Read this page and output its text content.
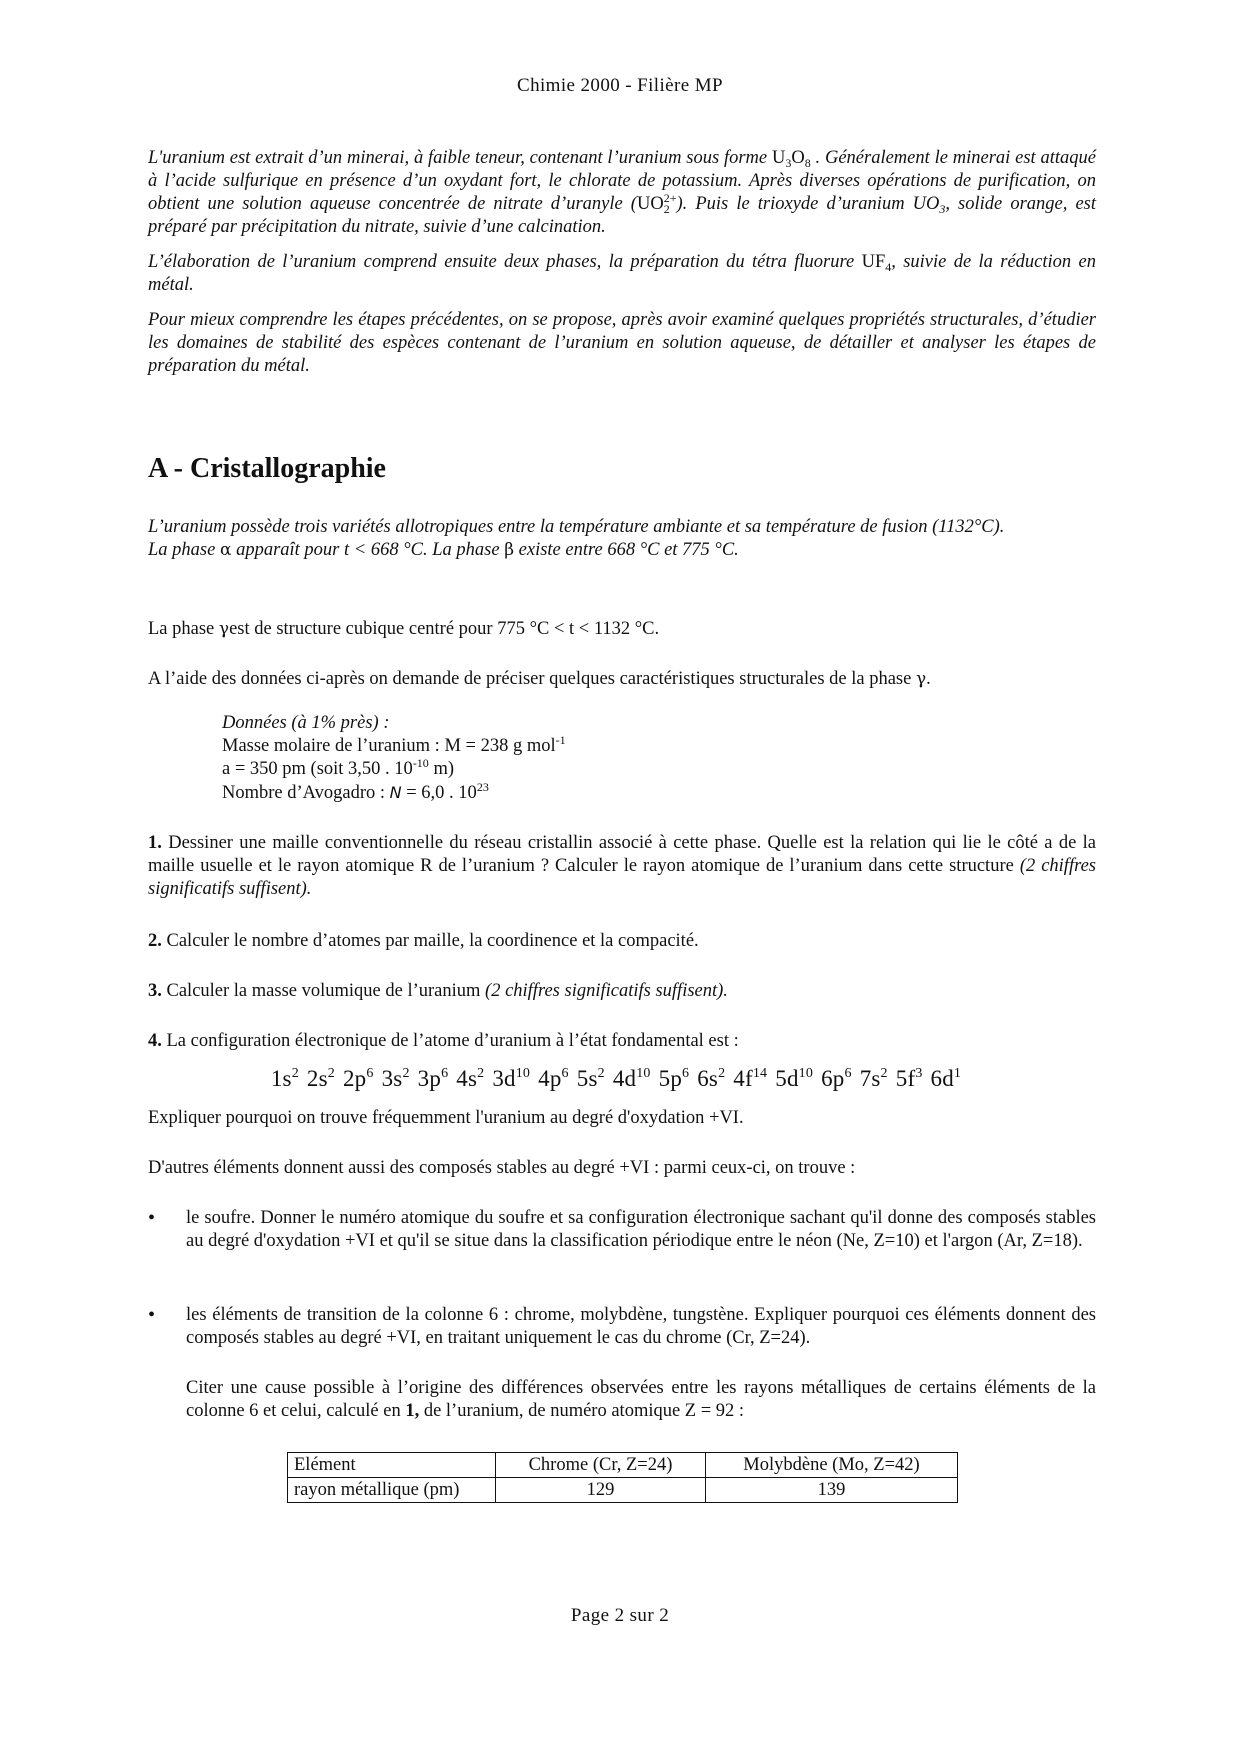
Chimie 2000 - Filière MP

L'uranium est extrait d’un minerai, à faible teneur, contenant l’uranium sous forme $U_3O_8$ . Généralement le minerai est attaqué à l’acide sulfurique en présence d’un oxydant fort, le chlorate de potassium. Après diverses opérations de purification, on obtient une solution aqueuse concentrée de nitrate d’uranyle $(UO_2^{2+})$. Puis le trioxyde d’uranium $UO_3$, solide orange, est préparé par précipitation du nitrate, suivie d’une calcination.

L’élaboration de l’uranium comprend ensuite deux phases, la préparation du tétra fluorure $UF_4$, suivie de la réduction en métal.

Pour mieux comprendre les étapes précédentes, on se propose, après avoir examiné quelques propriétés structurales, d’étudier les domaines de stabilité des espèces contenant de l’uranium en solution aqueuse, de détailler et analyser les étapes de préparation du métal.

A - Cristallographie

L’uranium possède trois variétés allotropiques entre la température ambiante et sa température de fusion (1132°C).

La phase α apparaît pour t < 668 °C. La phase β existe entre 668 °C et 775 °C.

La phase γest de structure cubique centré pour 775 °C < t < 1132 °C.

A l’aide des données ci-après on demande de préciser quelques caractéristiques structurales de la phase γ.

Données (à 1% près) :
Masse molaire de l’uranium : M = 238 g mol$^{-1}$
a = 350 pm (soit 3,50 . $10^{-10}$ m)
Nombre d’Avogadro : N = 6,0 . $10^{23}$

1. Dessiner une maille conventionnelle du réseau cristallin associé à cette phase. Quelle est la relation qui lie le côté a de la maille usuelle et le rayon atomique R de l’uranium ? Calculer le rayon atomique de l’uranium dans cette structure (2 chiffres significatifs suffisent).

2. Calculer le nombre d’atomes par maille, la coordinence et la compacité.

3. Calculer la masse volumique de l’uranium (2 chiffres significatifs suffisent).

4. La configuration électronique de l’atome d’uranium à l’état fondamental est :

$1s^2$ $2s^2$ $2p^6$ $3s^2$ $3p^6$ $4s^2$ $3d^{10}$ $4p^6$ $5s^2$ $4d^{10}$ $5p^6$ $6s^2$ $4f^{14}$ $5d^{10}$ $6p^6$ $7s^2$ $5f^3$ $6d^1$

Expliquer pourquoi on trouve fréquemment l'uranium au degré d'oxydation +VI.

D'autres éléments donnent aussi des composés stables au degré +VI : parmi ceux-ci, on trouve :

•	le soufre. Donner le numéro atomique du soufre et sa configuration électronique sachant qu'il donne des composés stables au degré d'oxydation +VI et qu'il se situe dans la classification périodique entre le néon (Ne, Z=10) et l'argon (Ar, Z=18).

•	les éléments de transition de la colonne 6 : chrome, molybdène, tungstène. Expliquer pourquoi ces éléments donnent des composés stables au degré +VI, en traitant uniquement le cas du chrome (Cr, Z=24).

Citer une cause possible à l’origine des différences observées entre les rayons métalliques de certains éléments de la colonne 6 et celui, calculé en 1, de l’uranium, de numéro atomique Z = 92 :

Elément	Chrome (Cr, Z=24)	Molybdène (Mo, Z=42)
rayon métallique (pm)	129	139
Page 2 sur 2
